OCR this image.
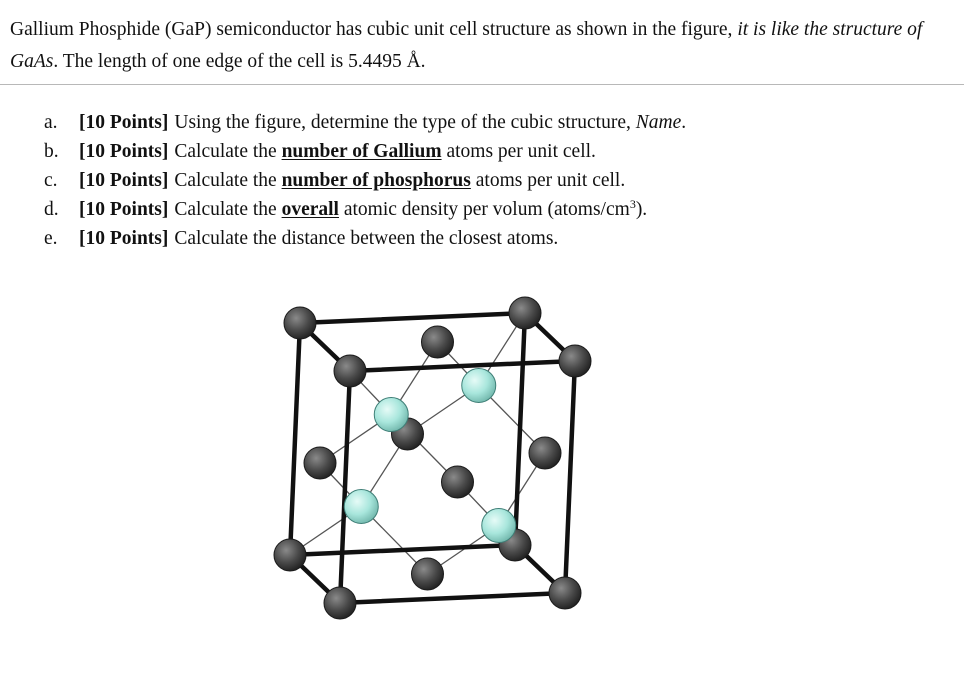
Gallium Phosphide (GaP) semiconductor has cubic unit cell structure as shown in the figure, it is like the structure of GaAs. The length of one edge of the cell is 5.4495 Å.
a.	[10 Points] Using the figure, determine the type of the cubic structure, Name.
b.	[10 Points] Calculate the number of Gallium atoms per unit cell.
c.	[10 Points] Calculate the number of phosphorus atoms per unit cell.
d.	[10 Points] Calculate the overall atomic density per volum $(atoms/cm^3)$.
e.	[10 Points] Calculate the distance between the closest atoms.
